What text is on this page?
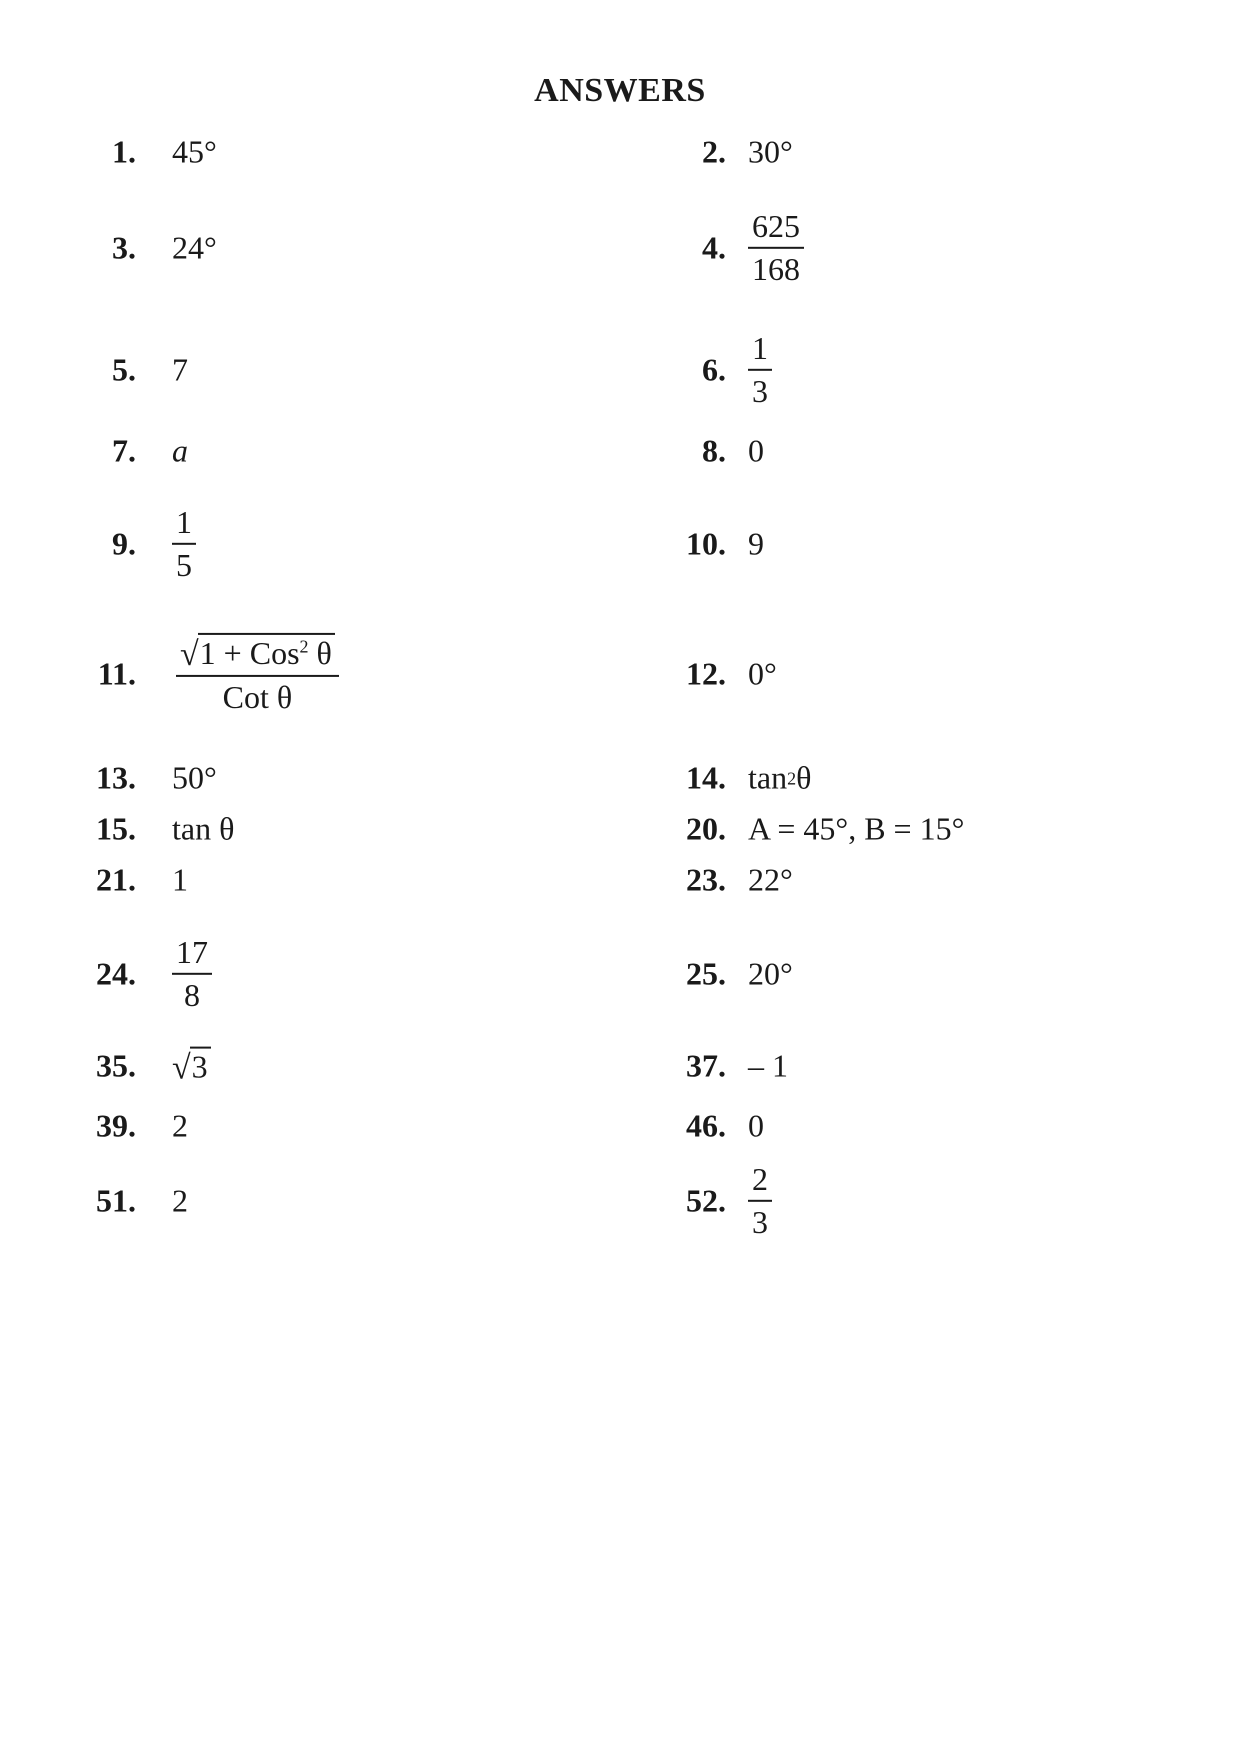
ANSWERS
1. 45°	2. 30°
3. 24°	4. $\frac{625}{168}$
5. 7	6. $\frac{1}{3}$
7. a	8. 0
9. $\frac{1}{5}$	10. 9
11. $\frac{√ 1 + Cos^2 \theta}{\text{Cot θ}}$	12. 0°
13. 50°	14. tan 2 θ
15. tan θ	20. A = 45°, B = 15°
21. 1	23. 22°
24. $\frac{17}{8}$	25. 20°
35. √ 3	37. – 1
39. 2	46. 0
51. 2	52. $\frac{2}{3}$
